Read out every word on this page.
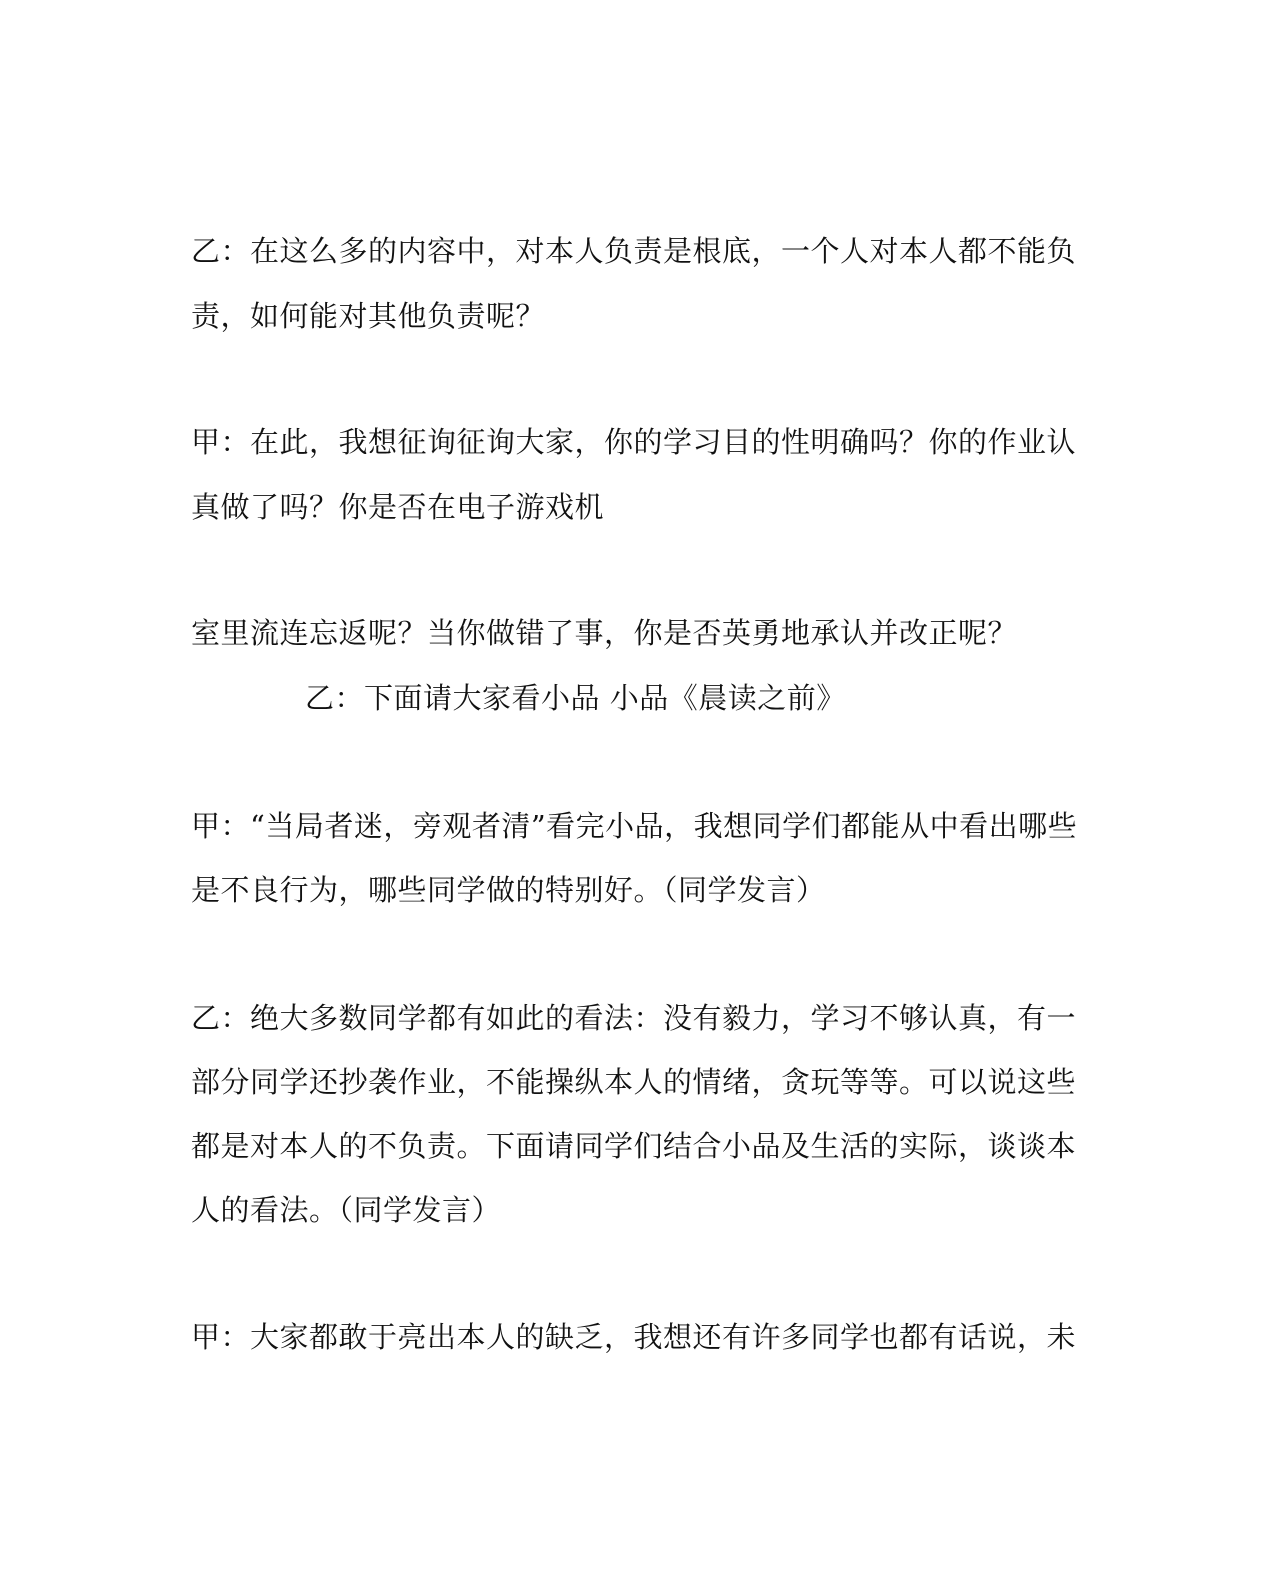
乙：在这么多的内容中，对本人负责是根底，一个人对本人都不能负
责，如何能对其他负责呢？
甲：在此，我想征询征询大家，你的学习目的性明确吗？你的作业认
真做了吗？你是否在电子游戏机
室里流连忘返呢？当你做错了事，你是否英勇地承认并改正呢？
乙：下面请大家看小品 小品《晨读之前》
甲：“当局者迷，旁观者清”看完小品，我想同学们都能从中看出哪些
是不良行为，哪些同学做的特别好。（同学发言）
乙：绝大多数同学都有如此的看法：没有毅力，学习不够认真，有一
部分同学还抄袭作业，不能操纵本人的情绪，贪玩等等。可以说这些
都是对本人的不负责。下面请同学们结合小品及生活的实际，谈谈本
人的看法。（同学发言）
甲：大家都敢于亮出本人的缺乏，我想还有许多同学也都有话说，未
